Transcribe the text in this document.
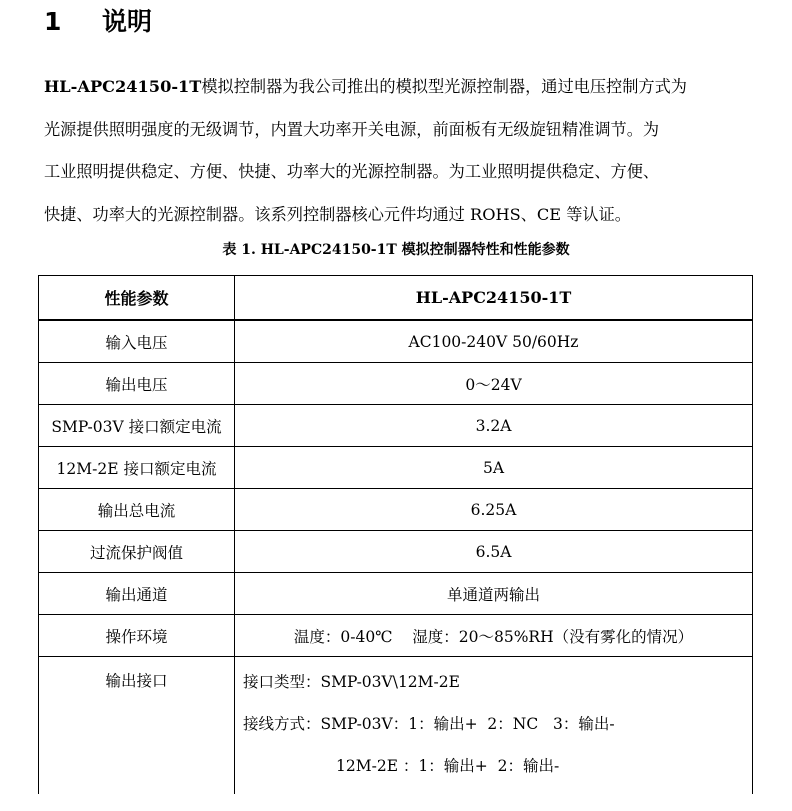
1 说明

HL-APC24150-1T模拟控制器为我公司推出的模拟型光源控制器，通过电压控制方式为
光源提供照明强度的无级调节，内置大功率开关电源，前面板有无级旋钮精准调节。为
工业照明提供稳定、方便、快捷、功率大的光源控制器。为工业照明提供稳定、方便、
快捷、功率大的光源控制器。该系列控制器核心元件均通过 ROHS、CE 等认证。

表 1. HL-APC24150-1T 模拟控制器特性和性能参数
性能参数	HL-APC24150-1T
输入电压	AC100-240V 50/60Hz
输出电压	0～24V
SMP-03V 接口额定电流	3.2A
12M-2E 接口额定电流	5A
输出总电流	6.25A
过流保护阀值	6.5A
输出通道	单通道两输出
操作环境	温度：0-40℃    湿度：20～85%RH（没有雾化的情况）
输出接口	接口类型：SMP-03V\12M-2E
接线方式：SMP-03V：1：输出+  2：NC   3：输出-
12M-2E ：1：输出+  2：输出-
